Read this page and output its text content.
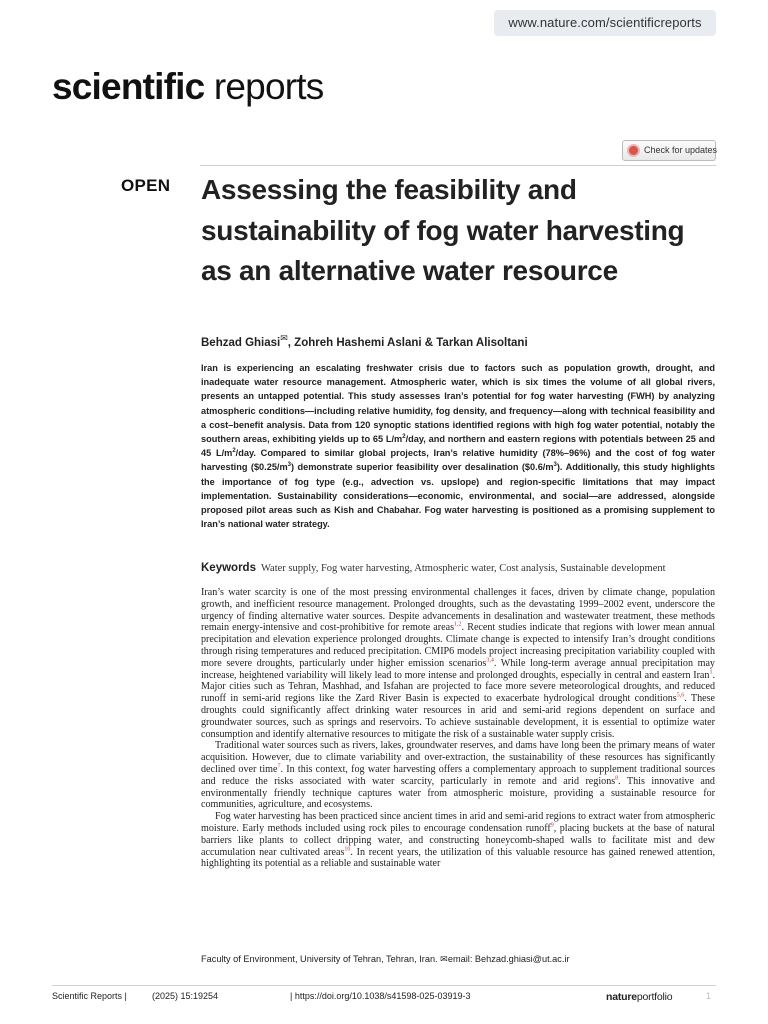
www.nature.com/scientificreports
scientific reports
Check for updates
OPEN Assessing the feasibility and sustainability of fog water harvesting as an alternative water resource
Behzad Ghiasi✉, Zohreh Hashemi Aslani & Tarkan Alisoltani
Iran is experiencing an escalating freshwater crisis due to factors such as population growth, drought, and inadequate water resource management. Atmospheric water, which is six times the volume of all global rivers, presents an untapped potential. This study assesses Iran’s potential for fog water harvesting (FWH) by analyzing atmospheric conditions—including relative humidity, fog density, and frequency—along with technical feasibility and a cost–benefit analysis. Data from 120 synoptic stations identified regions with high fog water potential, notably the southern areas, exhibiting yields up to 65 $L/m^2$/day, and northern and eastern regions with potentials between 25 and 45 $L/m^2$/day. Compared to similar global projects, Iran’s relative humidity (78%–96%) and the cost of fog water harvesting $(\$0.25/m^3)$ demonstrate superior feasibility over desalination $(\$0.6/m^3)$. Additionally, this study highlights the importance of fog type (e.g., advection vs. upslope) and region-specific limitations that may impact implementation. Sustainability considerations—economic, environmental, and social—are addressed, alongside proposed pilot areas such as Kish and Chabahar. Fog water harvesting is positioned as a promising supplement to Iran’s national water strategy.
Keywords Water supply, Fog water harvesting, Atmospheric water, Cost analysis, Sustainable development

Iran’s water scarcity is one of the most pressing environmental challenges it faces, driven by climate change, population growth, and inefficient resource management. Prolonged droughts, such as the devastating 1999–2002 event, underscore the urgency of finding alternative water sources. Despite advancements in desalination and wastewater treatment, these methods remain energy-intensive and cost-prohibitive for remote areas$^{1,2}$. Recent studies indicate that regions with lower mean annual precipitation and elevation experience prolonged droughts. Climate change is expected to intensify Iran’s drought conditions through rising temperatures and reduced precipitation. CMIP6 models project increasing precipitation variability coupled with more severe droughts, particularly under higher emission scenarios$^{3,4}$. While long-term average annual precipitation may increase, heightened variability will likely lead to more intense and prolonged droughts, especially in central and eastern Iran$^1$. Major cities such as Tehran, Mashhad, and Isfahan are projected to face more severe meteorological droughts, and reduced runoff in semi-arid regions like the Zard River Basin is expected to exacerbate hydrological drought conditions$^{5,6}$. These droughts could significantly affect drinking water resources in arid and semi-arid regions dependent on surface and groundwater sources, such as springs and reservoirs. To achieve sustainable development, it is essential to optimize water consumption and identify alternative resources to mitigate the risk of a sustainable water supply crisis.

Traditional water sources such as rivers, lakes, groundwater reserves, and dams have long been the primary means of water acquisition. However, due to climate variability and over-extraction, the sustainability of these resources has significantly declined over time$^7$. In this context, fog water harvesting offers a complementary approach to supplement traditional sources and reduce the risks associated with water scarcity, particularly in remote and arid regions$^8$. This innovative and environmentally friendly technique captures water from atmospheric moisture, providing a sustainable resource for communities, agriculture, and ecosystems.

Fog water harvesting has been practiced since ancient times in arid and semi-arid regions to extract water from atmospheric moisture. Early methods included using rock piles to encourage condensation runoff$^9$, placing buckets at the base of natural barriers like plants to collect dripping water, and constructing honeycomb-shaped walls to facilitate mist and dew accumulation near cultivated areas$^{10}$. In recent years, the utilization of this valuable resource has gained renewed attention, highlighting its potential as a reliable and sustainable water

Faculty of Environment, University of Tehran, Tehran, Iran. ✉email: Behzad.ghiasi@ut.ac.ir
Scientific Reports |	(2025) 15:19254	| https://doi.org/10.1038/s41598-025-03919-3	natureportfolio	1
